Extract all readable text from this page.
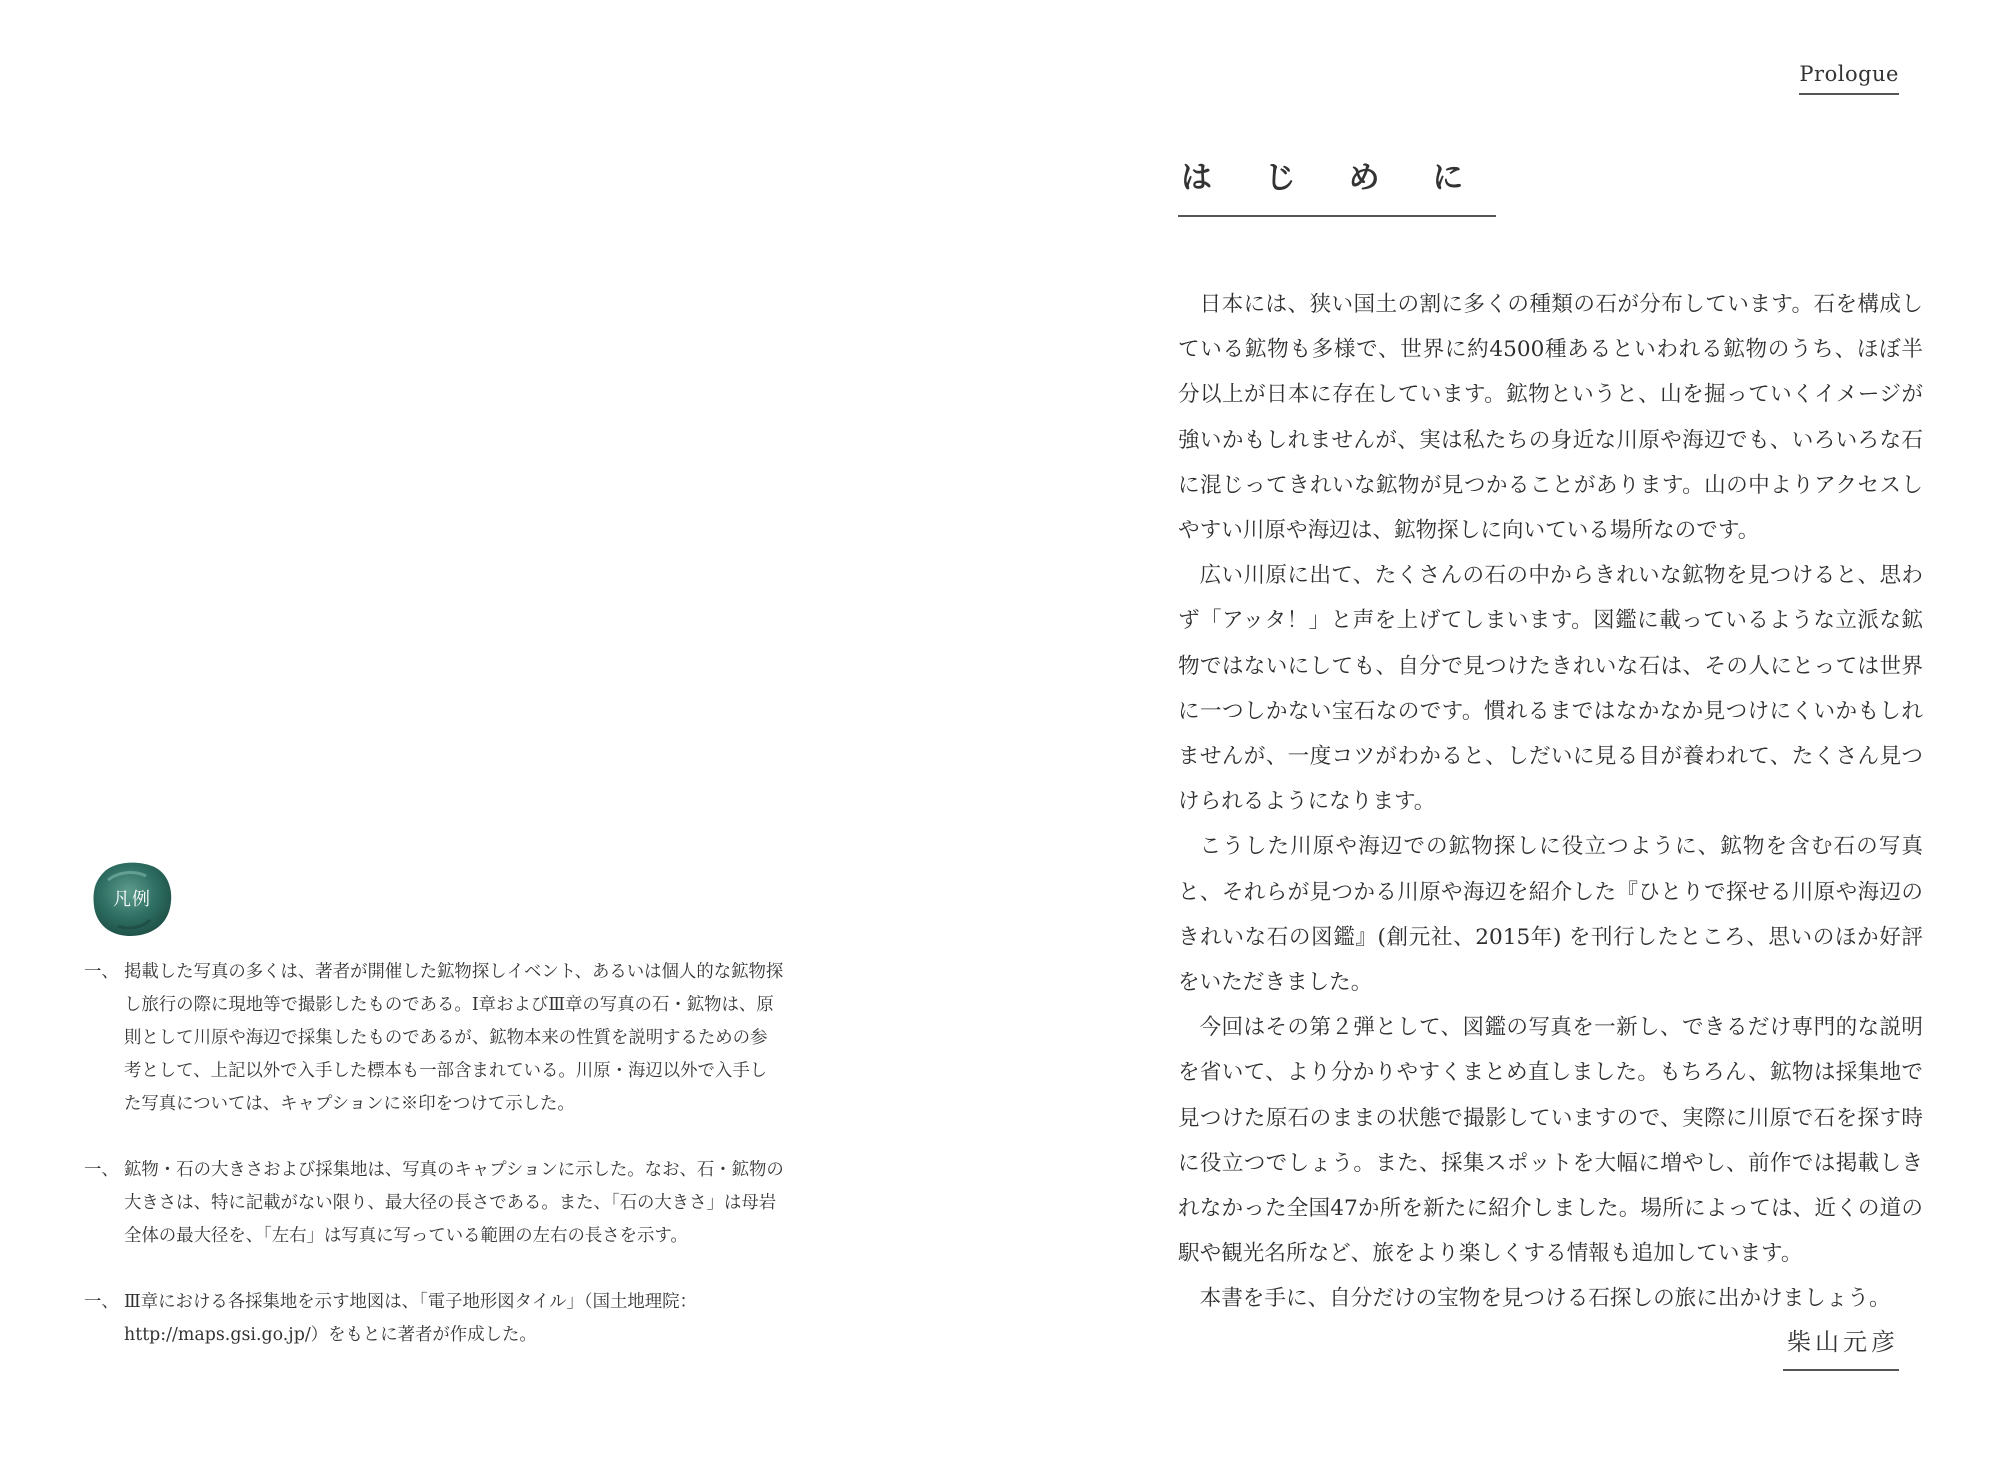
凡例
一、 掲載した写真の多くは、著者が開催した鉱物探しイベント、あるいは個人的な鉱物探し旅行の際に現地等で撮影したものである。Ⅰ章およびⅢ章の写真の石・鉱物は、原則として川原や海辺で採集したものであるが、鉱物本来の性質を説明するための参考として、上記以外で入手した標本も一部含まれている。川原・海辺以外で入手した写真については、キャプションに※印をつけて示した。
一、 鉱物・石の大きさおよび採集地は、写真のキャプションに示した。なお、石・鉱物の大きさは、特に記載がない限り、最大径の長さである。また、「石の大きさ」は母岩全体の最大径を、「左右」は写真に写っている範囲の左右の長さを示す。
一、 Ⅲ章における各採集地を示す地図は、「電子地形図タイル」（国土地理院：http://maps.gsi.go.jp/）をもとに著者が作成した。
Prologue
は じ め に

日本には、狭い国土の割に多くの種類の石が分布しています。石を構成している鉱物も多様で、世界に約4500種あるといわれる鉱物のうち、ほぼ半分以上が日本に存在しています。鉱物というと、山を掘っていくイメージが強いかもしれませんが、実は私たちの身近な川原や海辺でも、いろいろな石に混じってきれいな鉱物が見つかることがあります。山の中よりアクセスしやすい川原や海辺は、鉱物探しに向いている場所なのです。

広い川原に出て、たくさんの石の中からきれいな鉱物を見つけると、思わず「アッタ！」と声を上げてしまいます。図鑑に載っているような立派な鉱物ではないにしても、自分で見つけたきれいな石は、その人にとっては世界に一つしかない宝石なのです。慣れるまではなかなか見つけにくいかもしれませんが、一度コツがわかると、しだいに見る目が養われて、たくさん見つけられるようになります。

こうした川原や海辺での鉱物探しに役立つように、鉱物を含む石の写真と、それらが見つかる川原や海辺を紹介した『ひとりで探せる川原や海辺のきれいな石の図鑑』(創元社、2015年) を刊行したところ、思いのほか好評をいただきました。

今回はその第２弾として、図鑑の写真を一新し、できるだけ専門的な説明を省いて、より分かりやすくまとめ直しました。もちろん、鉱物は採集地で見つけた原石のままの状態で撮影していますので、実際に川原で石を探す時に役立つでしょう。また、採集スポットを大幅に増やし、前作では掲載しきれなかった全国47か所を新たに紹介しました。場所によっては、近くの道の駅や観光名所など、旅をより楽しくする情報も追加しています。

本書を手に、自分だけの宝物を見つける石探しの旅に出かけましょう。

柴山元彦
